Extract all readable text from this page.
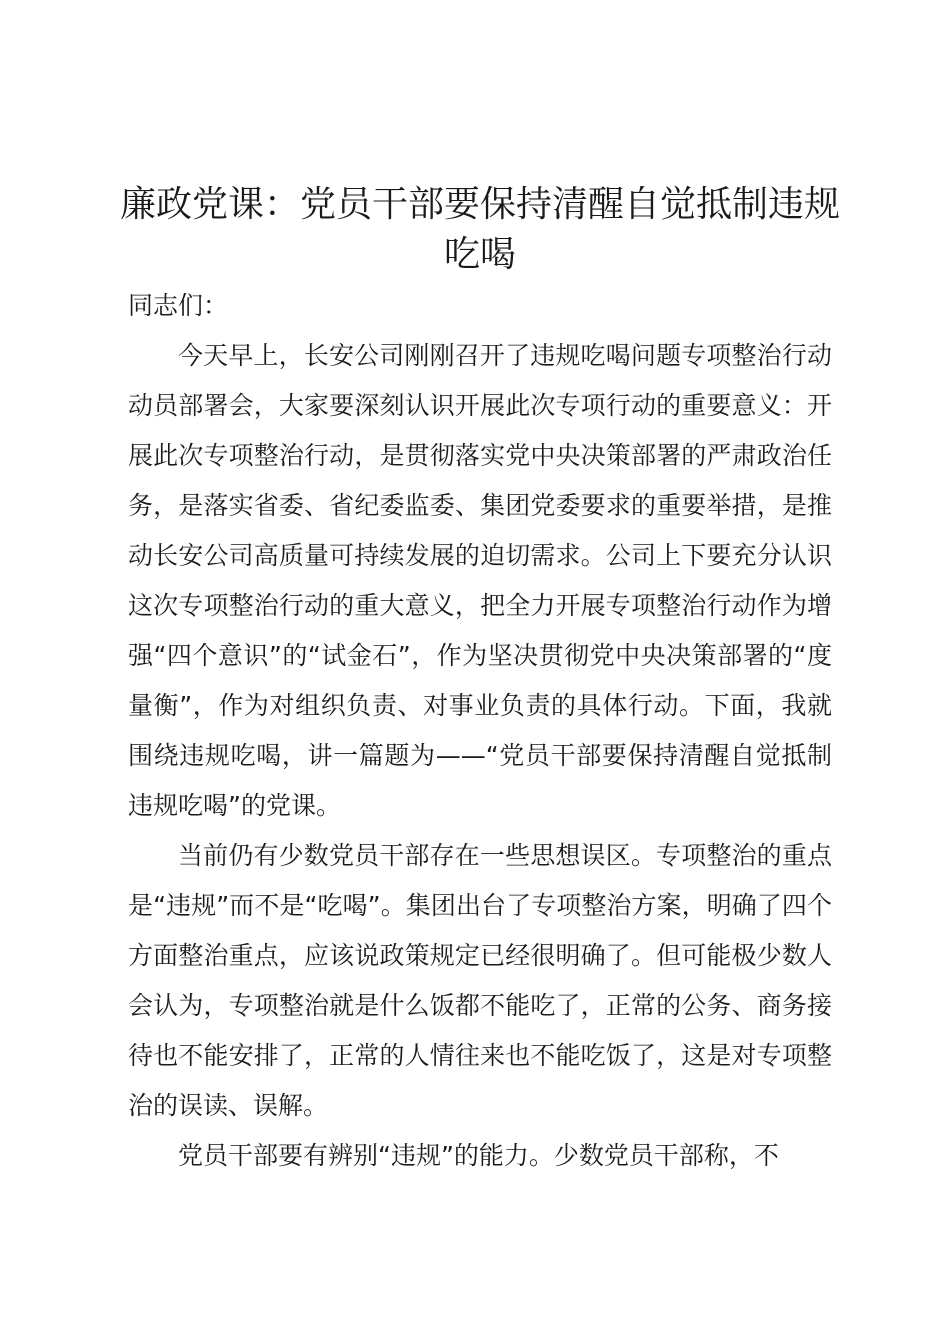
廉政党课：党员干部要保持清醒自觉抵制违规吃喝

同志们：

今天早上，长安公司刚刚召开了违规吃喝问题专项整治行动动员部署会，大家要深刻认识开展此次专项行动的重要意义：开展此次专项整治行动，是贯彻落实党中央决策部署的严肃政治任务，是落实省委、省纪委监委、集团党委要求的重要举措，是推动长安公司高质量可持续发展的迫切需求。公司上下要充分认识这次专项整治行动的重大意义，把全力开展专项整治行动作为增强“四个意识”的“试金石”，作为坚决贯彻党中央决策部署的“度量衡”，作为对组织负责、对事业负责的具体行动。下面，我就围绕违规吃喝，讲一篇题为——“党员干部要保持清醒自觉抵制违规吃喝”的党课。

当前仍有少数党员干部存在一些思想误区。专项整治的重点是“违规”而不是“吃喝”。集团出台了专项整治方案，明确了四个方面整治重点，应该说政策规定已经很明确了。但可能极少数人会认为，专项整治就是什么饭都不能吃了，正常的公务、商务接待也不能安排了，正常的人情往来也不能吃饭了，这是对专项整治的误读、误解。

党员干部要有辨别“违规”的能力。少数党员干部称，不
